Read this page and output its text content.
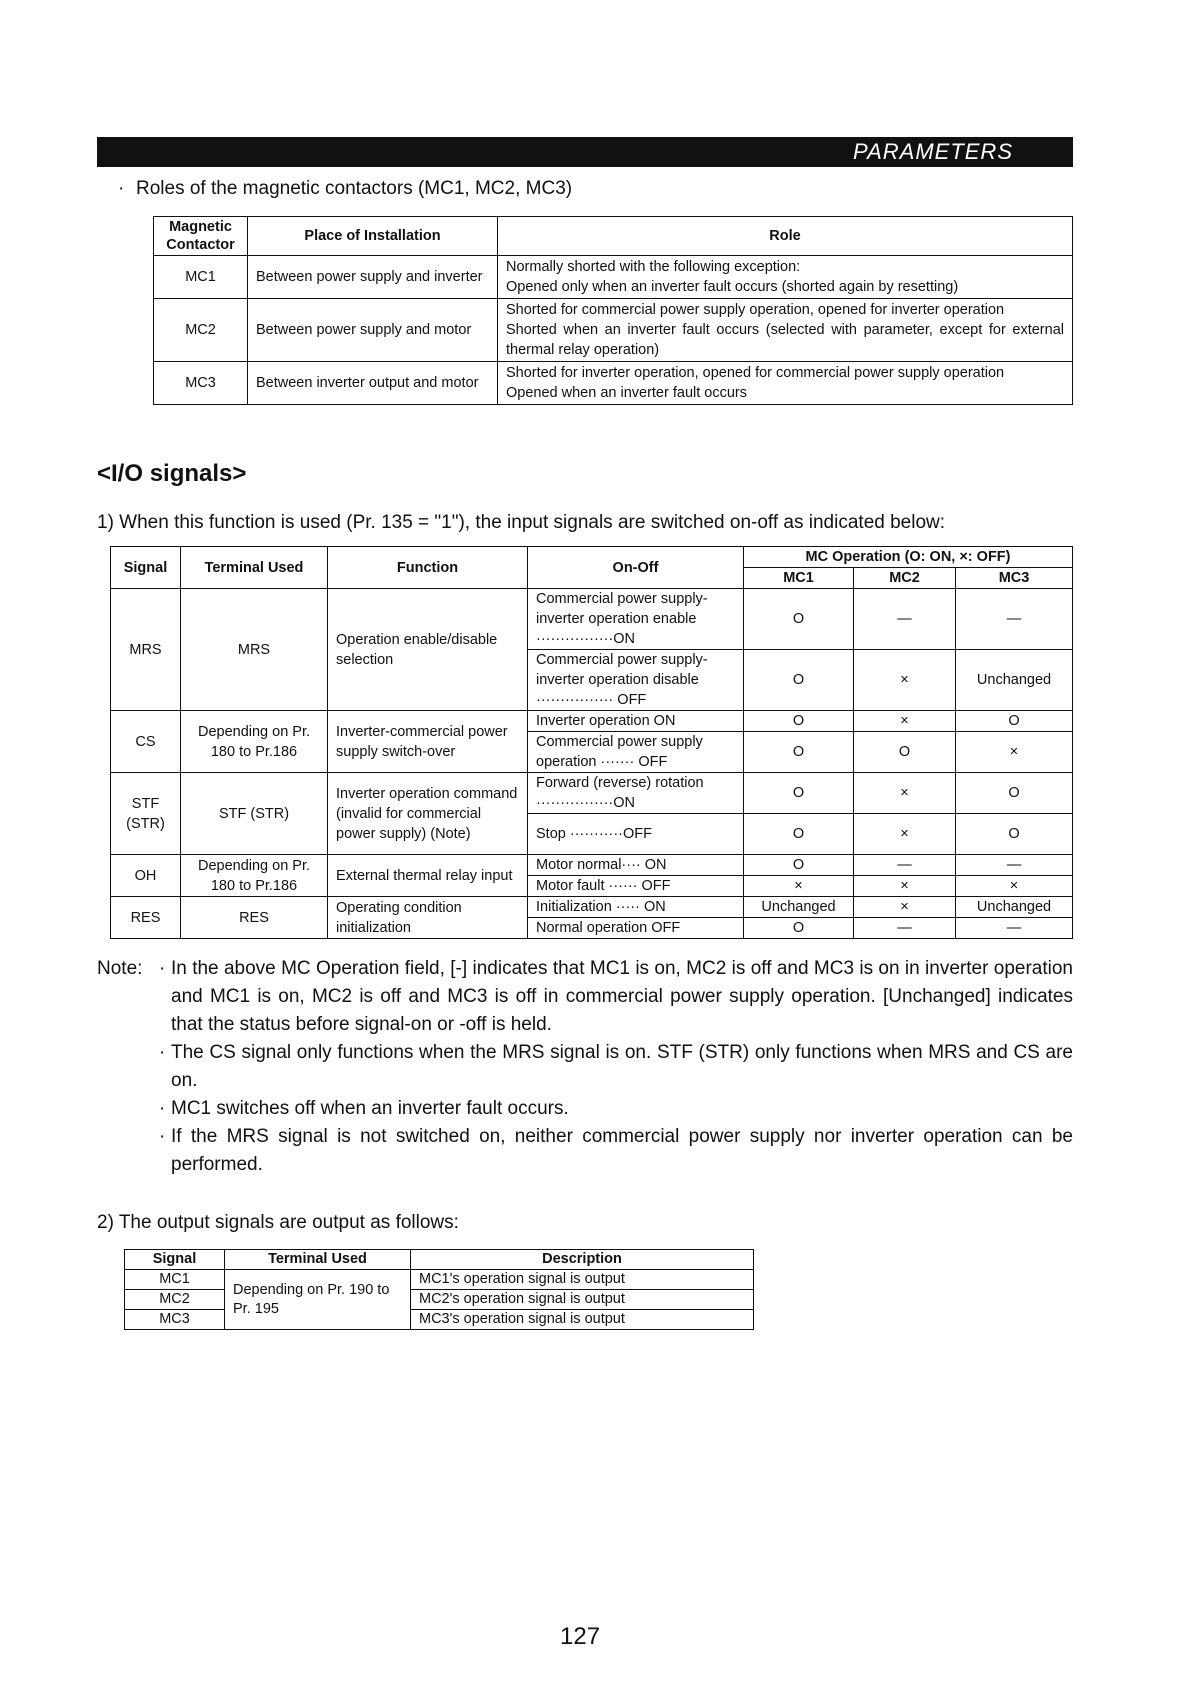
PARAMETERS
· Roles of the magnetic contactors (MC1, MC2, MC3)
Magnetic Contactor	Place of Installation	Role
MC1	Between power supply and inverter	Normally shorted with the following exception:
Opened only when an inverter fault occurs (shorted again by resetting)

MC2	Between power supply and motor	Shorted for commercial power supply operation, opened for inverter operation
Shorted when an inverter fault occurs (selected with parameter, except for external thermal relay operation)

MC3	Between inverter output and motor	Shorted for inverter operation, opened for commercial power supply operation
Opened when an inverter fault occurs
<I/O signals>
1) When this function is used (Pr. 135 = "1"), the input signals are switched on-off as indicated below:
Signal	Terminal Used	Function	On-Off	MC Operation (O: ON, ×: OFF)		
				MC1	MC2	MC3
MRS	MRS	Operation enable/disable selection	Commercial power supply-inverter operation enable ················ON	O	—	—
			Commercial power supply-inverter operation disable ················ OFF	O	×	Unchanged
CS	Depending on Pr. 180 to Pr.186	Inverter-commercial power supply switch-over	Inverter operation ON	O	×	O
			Commercial power supply operation ······· OFF	O	O	×
STF (STR)	STF (STR)	Inverter operation command (invalid for commercial power supply) (Note)	Forward (reverse) rotation ················ON	O	×	O
			Stop ···········OFF	O	×	O
OH	Depending on Pr. 180 to Pr.186	External thermal relay input	Motor normal···· ON	O	—	—
			Motor fault ······ OFF	×	×	×
RES	RES	Operating condition initialization	Initialization ····· ON	Unchanged	×	Unchanged
			Normal operation OFF	O	—	—
Note: · In the above MC Operation field, [-] indicates that MC1 is on, MC2 is off and MC3 is on in inverter operation and MC1 is on, MC2 is off and MC3 is off in commercial power supply operation. [Unchanged] indicates that the status before signal-on or -off is held.
· The CS signal only functions when the MRS signal is on. STF (STR) only functions when MRS and CS are on.
· MC1 switches off when an inverter fault occurs.
· If the MRS signal is not switched on, neither commercial power supply nor inverter operation can be performed.
2) The output signals are output as follows:
Signal	Terminal Used	Description
MC1	Depending on Pr. 190 to Pr. 195	MC1's operation signal is output
MC2		MC2's operation signal is output
MC3		MC3's operation signal is output
127
